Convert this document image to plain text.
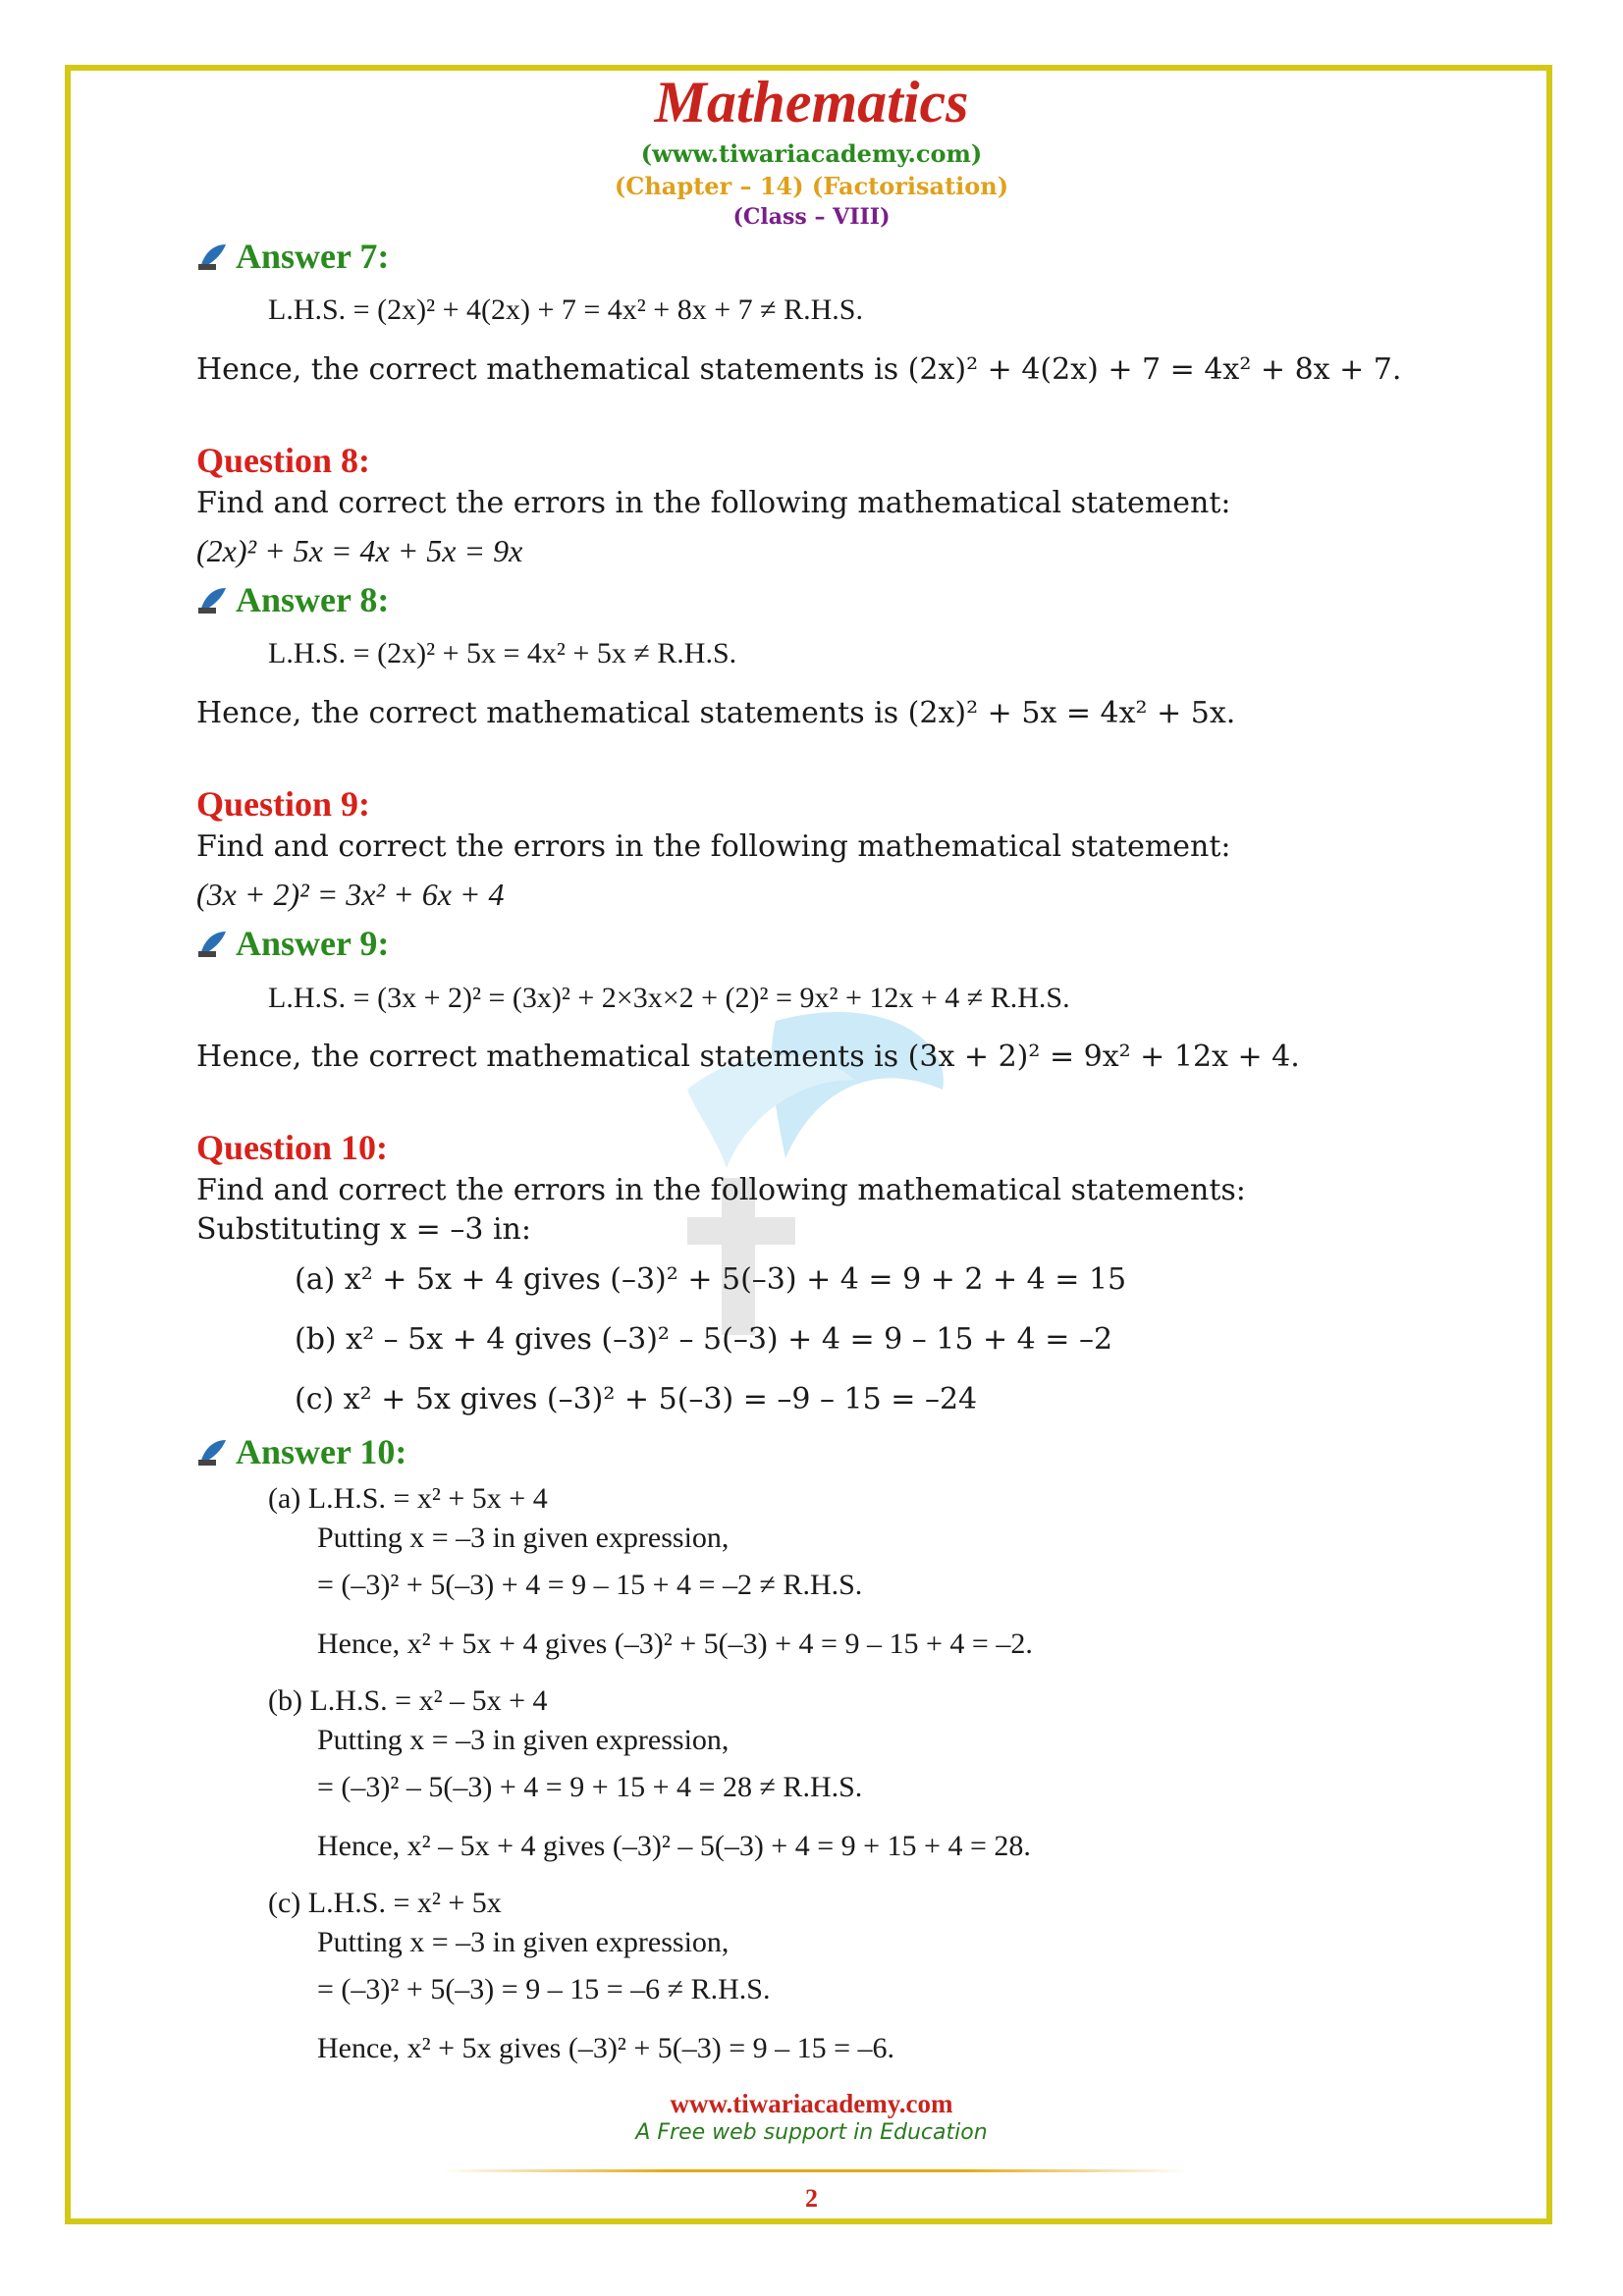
Mathematics
(www.tiwariacademy.com)
(Chapter – 14) (Factorisation)
(Class – VIII)
Answer 7:
L.H.S. = (2x)² + 4(2x) + 7 = 4x² + 8x + 7 ≠ R.H.S.
Hence, the correct mathematical statements is (2x)² + 4(2x) + 7 = 4x² + 8x + 7.
Question 8:
Find and correct the errors in the following mathematical statement:
(2x)² + 5x = 4x + 5x = 9x
Answer 8:
L.H.S. = (2x)² + 5x = 4x² + 5x ≠ R.H.S.
Hence, the correct mathematical statements is (2x)² + 5x = 4x² + 5x.
Question 9:
Find and correct the errors in the following mathematical statement:
(3x + 2)² = 3x² + 6x + 4
Answer 9:
L.H.S. = (3x + 2)² = (3x)² + 2×3x×2 + (2)² = 9x² + 12x + 4 ≠ R.H.S.
Hence, the correct mathematical statements is (3x + 2)² = 9x² + 12x + 4.
Question 10:
Find and correct the errors in the following mathematical statements:
Substituting x = –3 in:
(a) x² + 5x + 4 gives (–3)² + 5(–3) + 4 = 9 + 2 + 4 = 15
(b) x² – 5x + 4 gives (–3)² – 5(–3) + 4 = 9 – 15 + 4 = –2
(c) x² + 5x gives (–3)² + 5(–3) = –9 – 15 = –24
Answer 10:
(a) L.H.S. = x² + 5x + 4
Putting x = –3 in given expression,
= (–3)² + 5(–3) + 4 = 9 – 15 + 4 = –2 ≠ R.H.S.
Hence, x² + 5x + 4 gives (–3)² + 5(–3) + 4 = 9 – 15 + 4 = –2.
(b) L.H.S. = x² – 5x + 4
Putting x = –3 in given expression,
= (–3)² – 5(–3) + 4 = 9 + 15 + 4 = 28 ≠ R.H.S.
Hence, x² – 5x + 4 gives (–3)² – 5(–3) + 4 = 9 + 15 + 4 = 28.
(c) L.H.S. = x² + 5x
Putting x = –3 in given expression,
= (–3)² + 5(–3) = 9 – 15 = –6 ≠ R.H.S.
Hence, x² + 5x gives (–3)² + 5(–3) = 9 – 15 = –6.
www.tiwariacademy.com
A Free web support in Education
2
